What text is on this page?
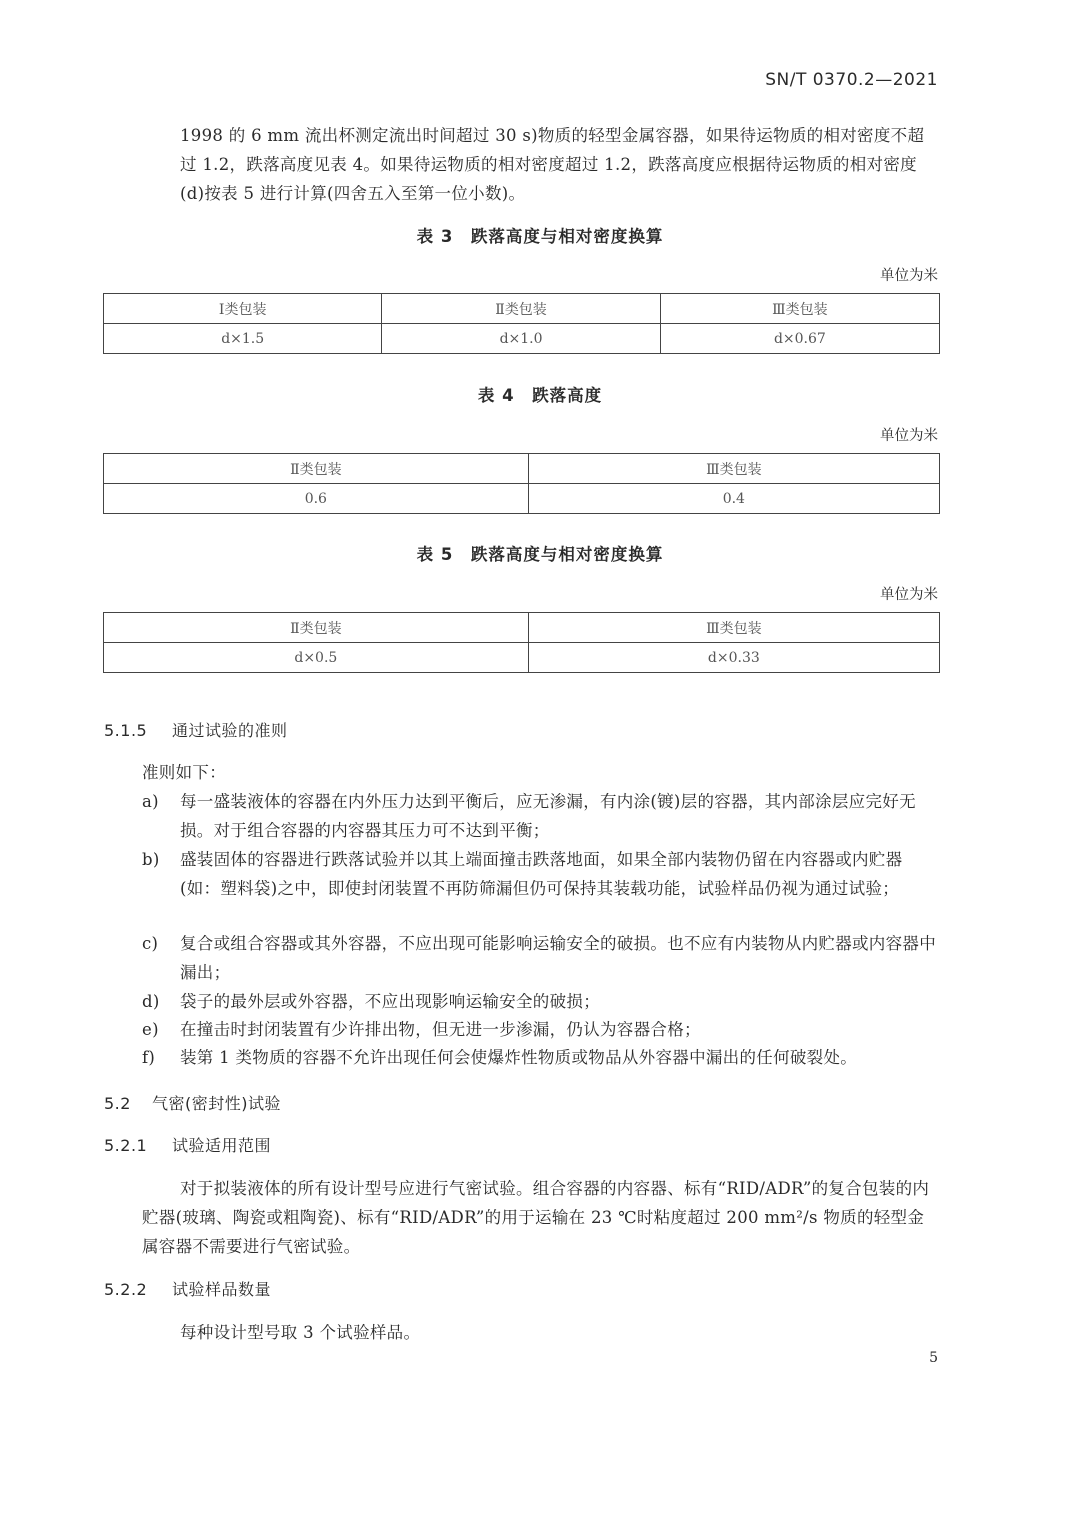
SN/T 0370.2—2021
1998 的 6 mm 流出杯测定流出时间超过 30 s)物质的轻型金属容器，如果待运物质的相对密度不超过 1.2，跌落高度见表 4。如果待运物质的相对密度超过 1.2，跌落高度应根据待运物质的相对密度(d)按表 5 进行计算(四舍五入至第一位小数)。
表 3　跌落高度与相对密度换算
单位为米
Ⅰ类包装	Ⅱ类包装	Ⅲ类包装
d×1.5	d×1.0	d×0.67
表 4　跌落高度
单位为米
Ⅱ类包装	Ⅲ类包装
0.6	0.4
表 5　跌落高度与相对密度换算
单位为米
Ⅱ类包装	Ⅲ类包装
d×0.5	d×0.33
5.1.5 通过试验的准则
准则如下：
a)	每一盛装液体的容器在内外压力达到平衡后，应无渗漏，有内涂(镀)层的容器，其内部涂层应完好无损。对于组合容器的内容器其压力可不达到平衡；
b)	盛装固体的容器进行跌落试验并以其上端面撞击跌落地面，如果全部内装物仍留在内容器或内贮器(如：塑料袋)之中，即使封闭装置不再防筛漏但仍可保持其装载功能，试验样品仍视为通过试验；
c)	复合或组合容器或其外容器，不应出现可能影响运输安全的破损。也不应有内装物从内贮器或内容器中漏出；
d)	袋子的最外层或外容器，不应出现影响运输安全的破损；
e)	在撞击时封闭装置有少许排出物，但无进一步渗漏，仍认为容器合格；
f)	装第 1 类物质的容器不允许出现任何会使爆炸性物质或物品从外容器中漏出的任何破裂处。
5.2 气密(密封性)试验
5.2.1 试验适用范围
对于拟装液体的所有设计型号应进行气密试验。组合容器的内容器、标有“RID/ADR”的复合包装的内贮器(玻璃、陶瓷或粗陶瓷)、标有“RID/ADR”的用于运输在 23 ℃时粘度超过 200 mm²/s 物质的轻型金属容器不需要进行气密试验。
5.2.2 试验样品数量
每种设计型号取 3 个试验样品。
5
